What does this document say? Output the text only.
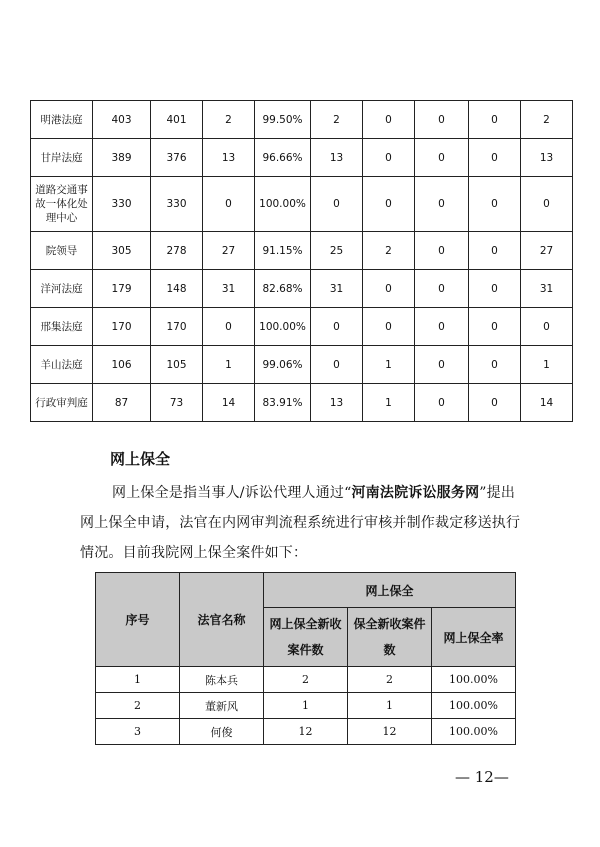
明港法庭	403	401	2	99.50%	2	0	0	0	2
甘岸法庭	389	376	13	96.66%	13	0	0	0	13
道路交通事故一体化处理中心	330	330	0	100.00%	0	0	0	0	0
院领导	305	278	27	91.15%	25	2	0	0	27
洋河法庭	179	148	31	82.68%	31	0	0	0	31
邢集法庭	170	170	0	100.00%	0	0	0	0	0
羊山法庭	106	105	1	99.06%	0	1	0	0	1
行政审判庭	87	73	14	83.91%	13	1	0	0	14
网上保全
网上保全是指当事人/诉讼代理人通过“河南法院诉讼服务网”提出网上保全申请，法官在内网审判流程系统进行审核并制作裁定移送执行情况。目前我院网上保全案件如下：
序号	法官名称	网上保全		
		网上保全新收案件数	保全新收案件数	网上保全率
1	陈本兵	2	2	100.00%
2	董新风	1	1	100.00%
3	何俊	12	12	100.00%
— 12—
